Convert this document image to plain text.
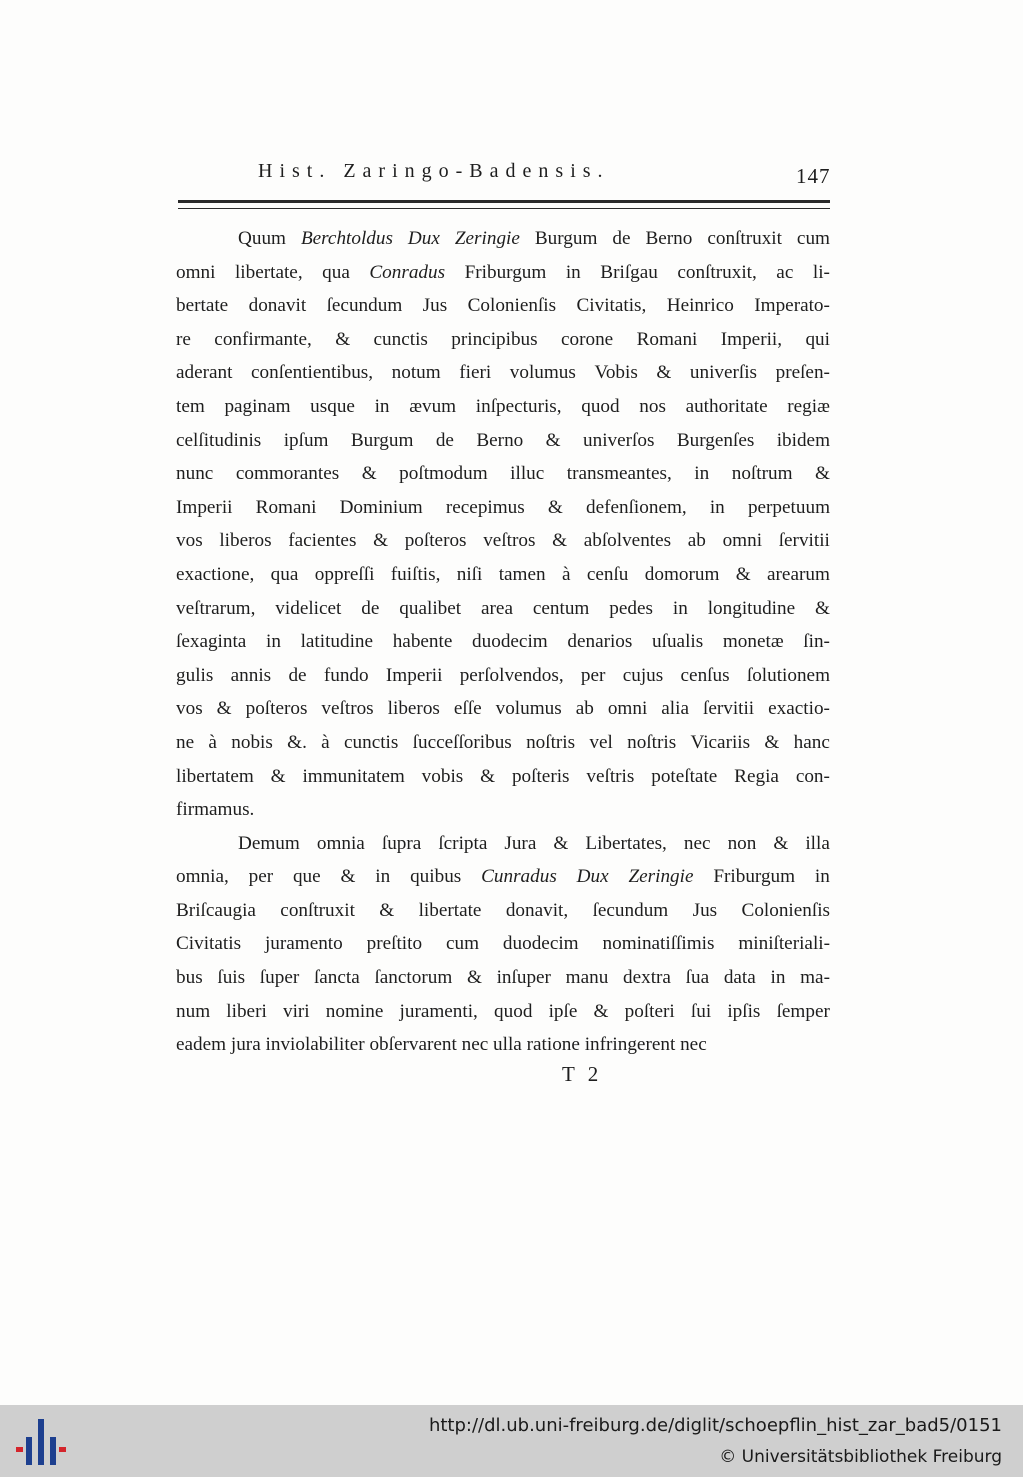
Hist. Zaringo-Badensis.	147
Quum Berchtoldus Dux Zeringie Burgum de Berno conſtruxit cum
omni libertate, qua Conradus Friburgum in Briſgau conſtruxit, ac li-
bertate donavit ſecundum Jus Colonienſis Civitatis, Heinrico Imperato-
re confirmante, & cunctis principibus corone Romani Imperii, qui
aderant conſentientibus, notum fieri volumus Vobis & univerſis preſen-
tem paginam usque in ævum inſpecturis, quod nos authoritate regiæ
celſitudinis ipſum Burgum de Berno & univerſos Burgenſes ibidem
nunc commorantes & poſtmodum illuc transmeantes, in noſtrum &
Imperii Romani Dominium recepimus & defenſionem, in perpetuum
vos liberos facientes & poſteros veſtros & abſolventes ab omni ſervitii
exactione, qua oppreſſi fuiſtis, niſi tamen à cenſu domorum & arearum
veſtrarum, videlicet de qualibet area centum pedes in longitudine &
ſexaginta in latitudine habente duodecim denarios uſualis monetæ ſin-
gulis annis de fundo Imperii perſolvendos, per cujus cenſus ſolutionem
vos & poſteros veſtros liberos eſſe volumus ab omni alia ſervitii exactio-
ne à nobis &. à cunctis ſucceſſoribus noſtris vel noſtris Vicariis & hanc
libertatem & immunitatem vobis & poſteris veſtris poteſtate Regia con-
firmamus.
Demum omnia ſupra ſcripta Jura & Libertates, nec non & illa
omnia, per que & in quibus Cunradus Dux Zeringie Friburgum in
Briſcaugia conſtruxit & libertate donavit, ſecundum Jus Colonienſis
Civitatis juramento preſtito cum duodecim nominatiſſimis miniſteriali-
bus ſuis ſuper ſancta ſanctorum & inſuper manu dextra ſua data in ma-
num liberi viri nomine juramenti, quod ipſe & poſteri ſui ipſis ſemper
eadem jura inviolabiliter obſervarent nec ulla ratione infringerent nec
T 2
http://dl.ub.uni-freiburg.de/diglit/schoepflin_hist_zar_bad5/0151
© Universitätsbibliothek Freiburg
